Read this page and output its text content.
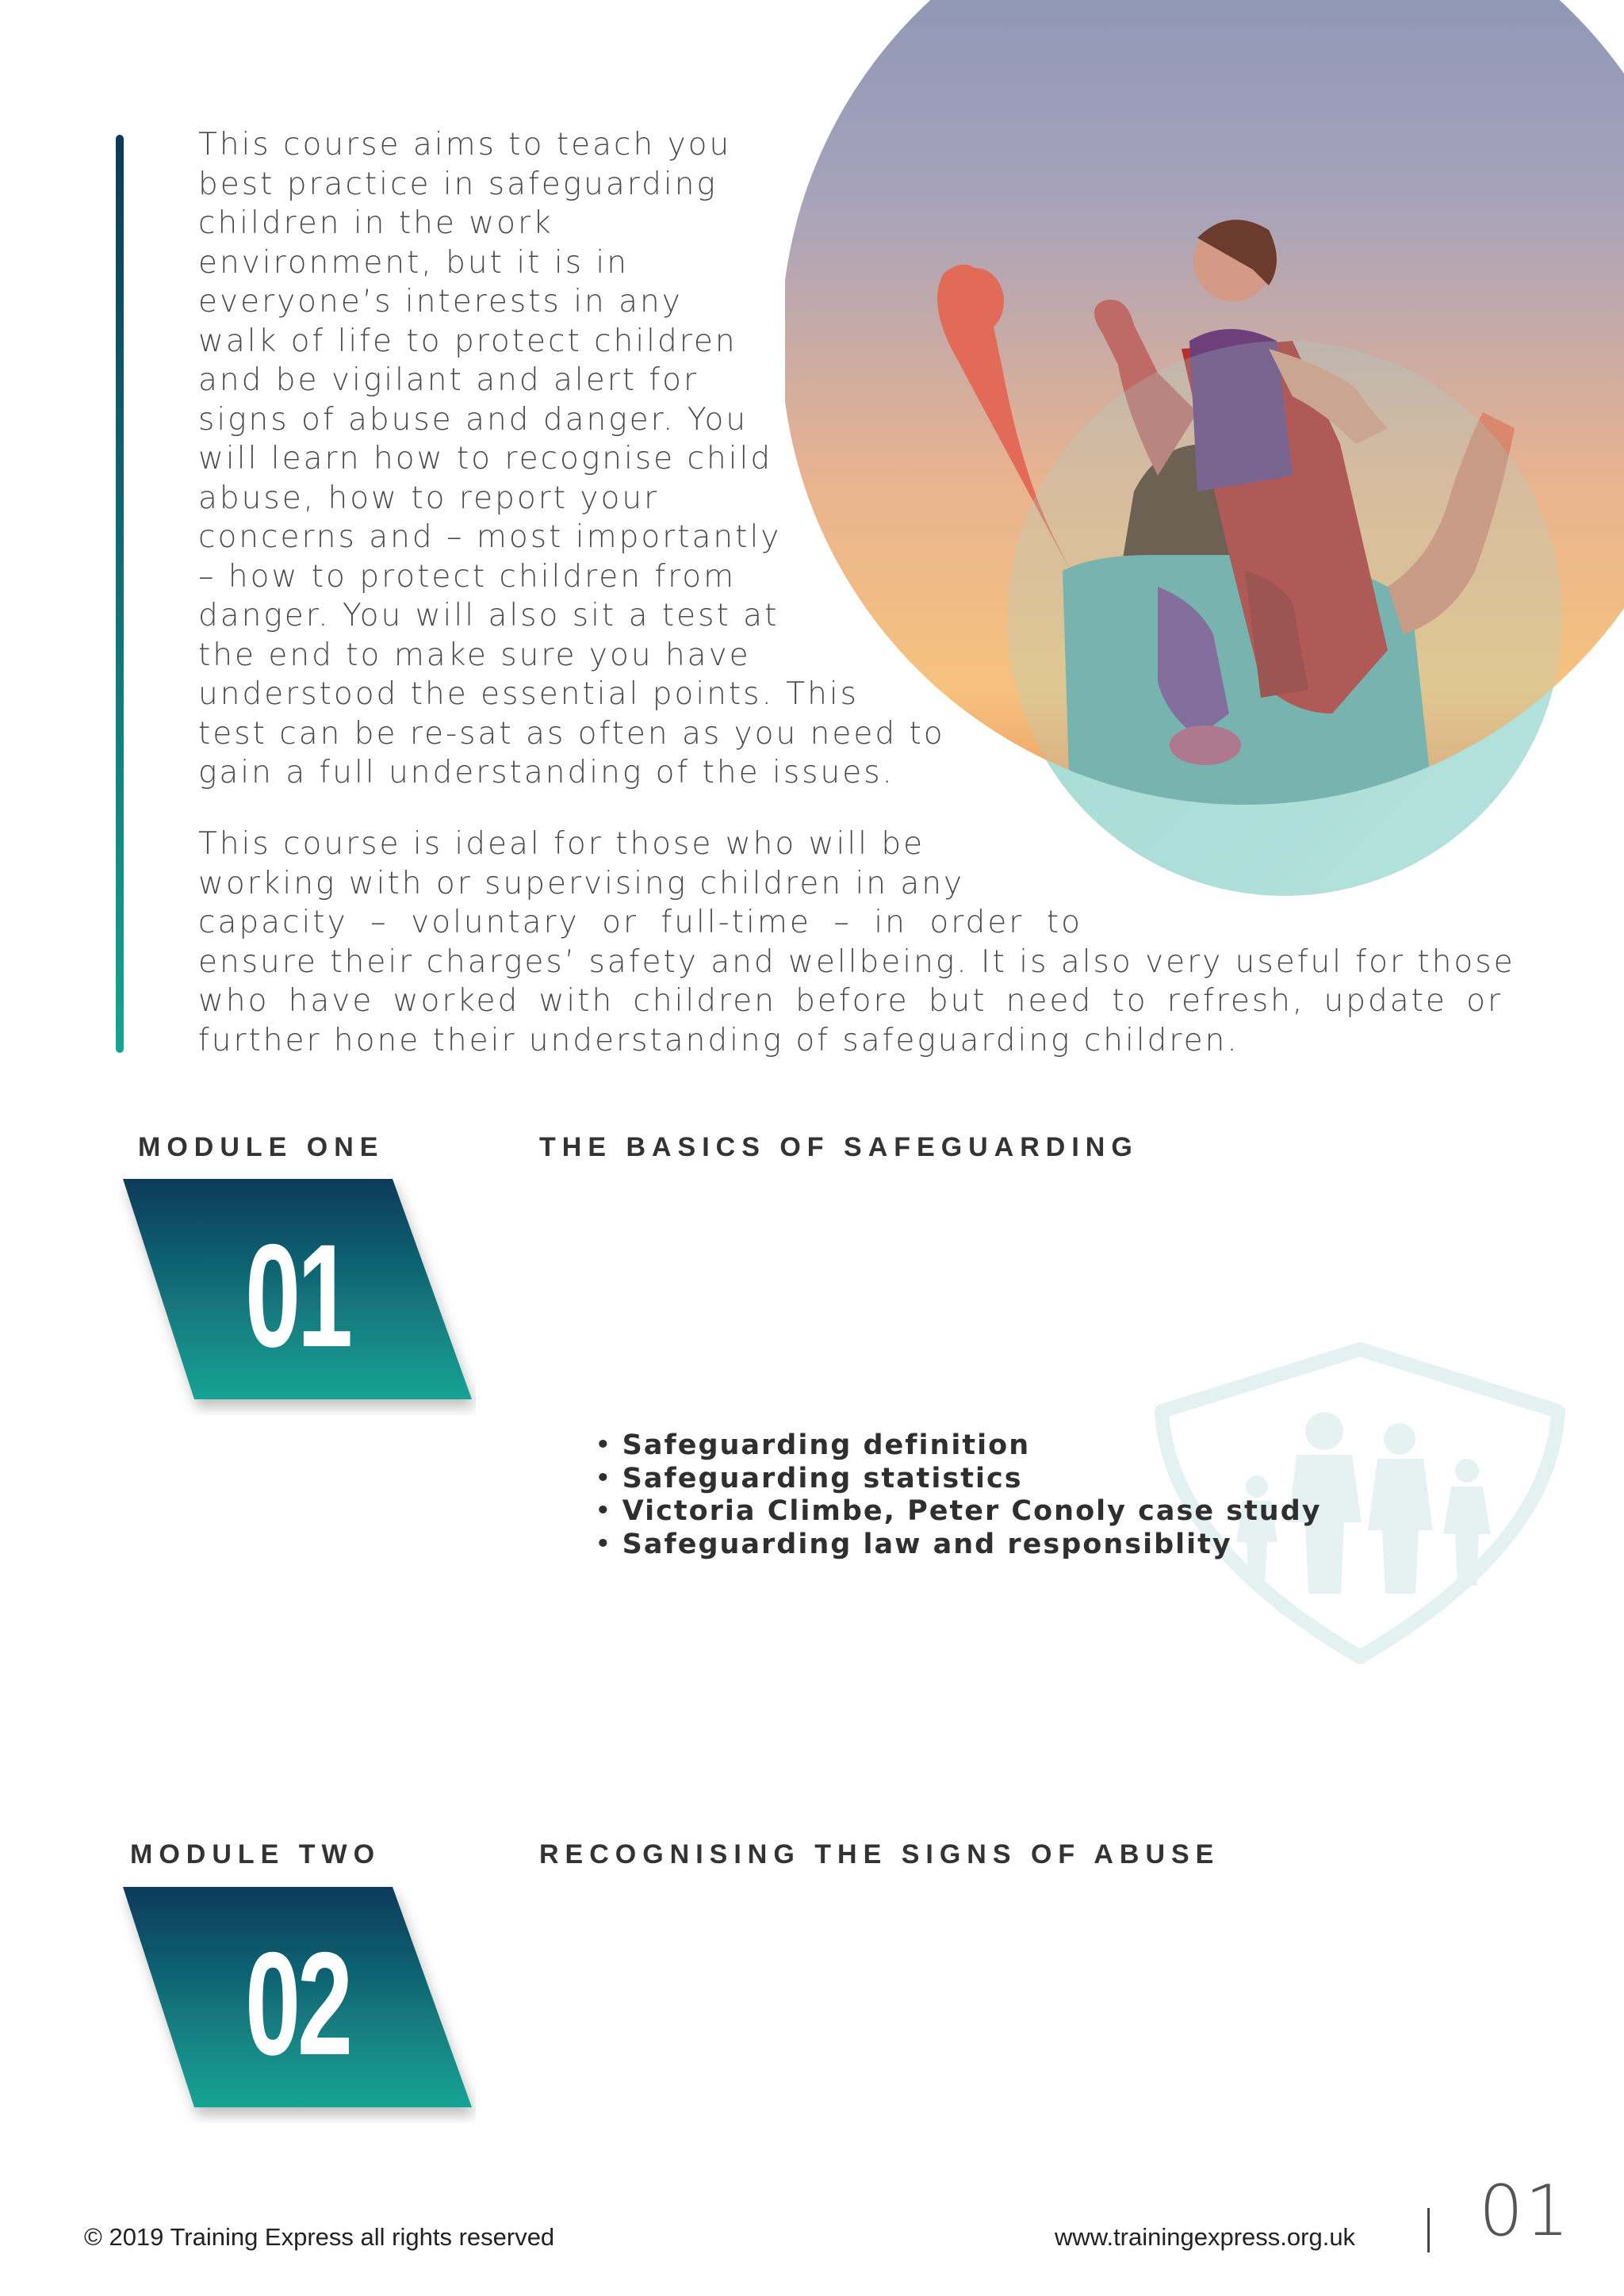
This course aims to teach you
best practice in safeguarding
children in the work
environment, but it is in
everyone’s interests in any
walk of life to protect children
and be vigilant and alert for
signs of abuse and danger. You
will learn how to recognise child
abuse, how to report your
concerns and – most importantly
– how to protect children from
danger. You will also sit a test at
the end to make sure you have
understood the essential points. This
test can be re-sat as often as you need to
gain a full understanding of the issues.
This course is ideal for those who will be
working with or supervising children in any
capacity – voluntary or full-time – in order to
ensure their charges’ safety and wellbeing. It is also very useful for those
who have worked with children before but need to refresh, update or
further hone their understanding of safeguarding children.

MODULE ONE	THE BASICS OF SAFEGUARDING

01
• Safeguarding definition
• Safeguarding statistics
• Victoria Climbe, Peter Conoly case study
• Safeguarding law and responsiblity

MODULE TWO	RECOGNISING THE SIGNS OF ABUSE

02

© 2019 Training Express all rights reserved	www.trainingexpress.org.uk 01
